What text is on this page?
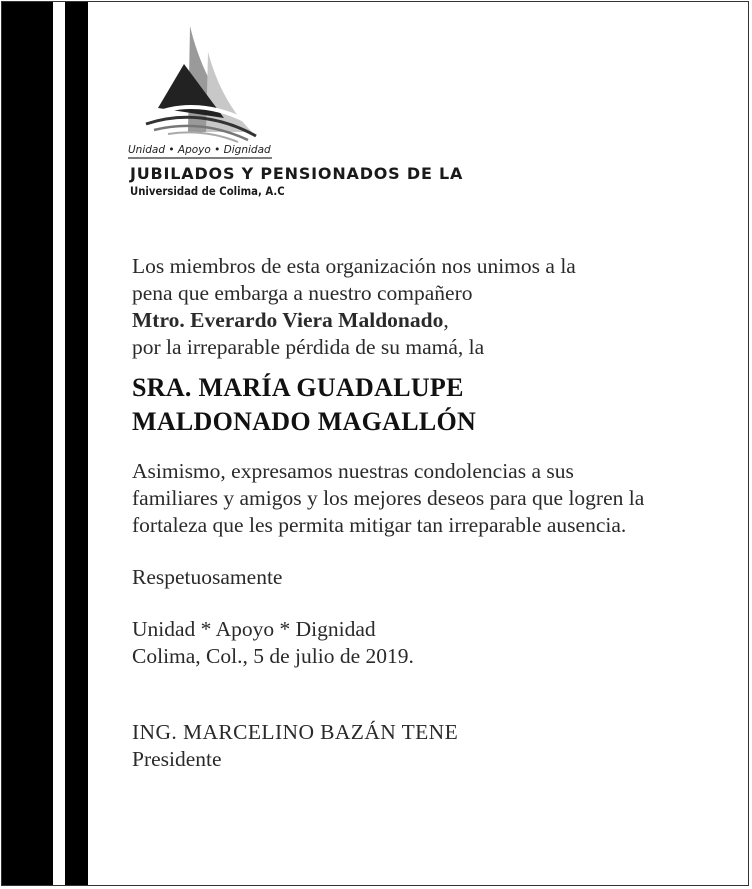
Unidad • Apoyo • Dignidad
JUBILADOS Y PENSIONADOS DE LA
Universidad de Colima, A.C
Los miembros de esta organización nos unimos a la
pena que embarga a nuestro compañero
Mtro. Everardo Viera Maldonado,
por la irreparable pérdida de su mamá, la
SRA. MARÍA GUADALUPE
MALDONADO MAGALLÓN
Asimismo, expresamos nuestras condolencias a sus
familiares y amigos y los mejores deseos para que logren la
fortaleza que les permita mitigar tan irreparable ausencia.
Respetuosamente
Unidad * Apoyo * Dignidad
Colima, Col., 5 de julio de 2019.
ING. MARCELINO BAZÁN TENE
Presidente
